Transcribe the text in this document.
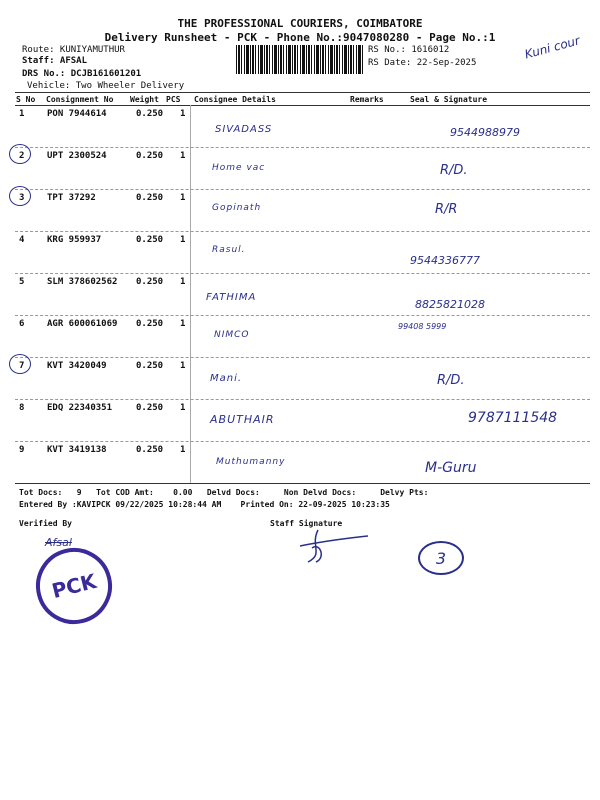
THE PROFESSIONAL COURIERS, COIMBATORE
Delivery Runsheet - PCK - Phone No.:9047080280 - Page No.:1
Route: KUNIYAMUTHUR
Staff: AFSAL
DRS No.: DCJB161601201
Vehicle: Two Wheeler Delivery
RS No.: 1616012
RS Date: 22-Sep-2025
Kuni cour
S No Consignment No Weight PCS Consignee Details	Remarks	Seal & Signature
1	PON 7944614	0.250 1
SIVADASS	9544988979
2	UPT 2300524	0.250 1
Home vac	R/D.
3	TPT 37292	0.250 1
Gopinath	R/R
4	KRG 959937	0.250 1
Rasul.
9544336777
5	SLM 378602562 0.250 1
FATHIMA
8825821028
6	AGR 600061069 0.250 1
NIMCO
99408 5999
7	KVT 3420049	0.250 1
Mani.	R/D.
8	EDQ 22340351	0.250 1
ABUTHAIR	9787111548
9	KVT 3419138	0.250 1
Muthumanny	M-Guru
Tot Docs:   9   Tot COD Amt:    0.00   Delvd Docs:     Non Delvd Docs:     Delvy Pts:
Entered By :KAVIPCK 09/22/2025 10:28:44 AM    Printed On: 22-09-2025 10:23:35
Verified By	Staff Signature
Afsal
PCK
3
